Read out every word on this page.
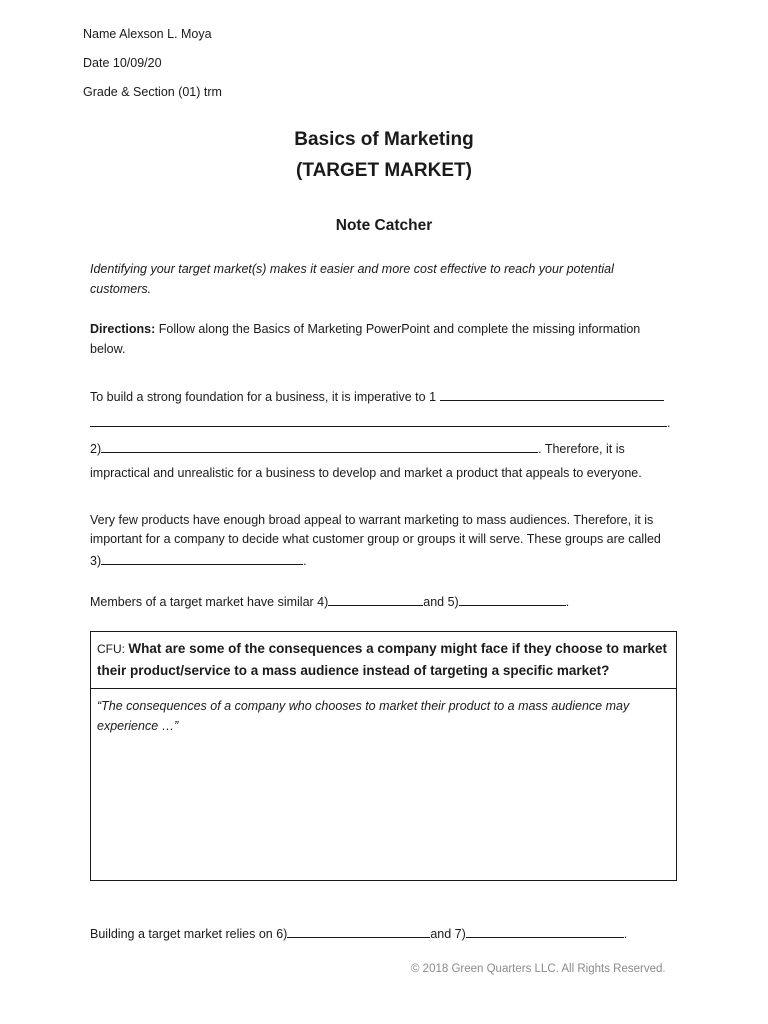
Name Alexson L. Moya
Date 10/09/20
Grade & Section (01) trm
Basics of Marketing
(TARGET MARKET)
Note Catcher
Identifying your target market(s) makes it easier and more cost effective to reach your potential
customers.
Directions: Follow along the Basics of Marketing PowerPoint and complete the missing information
below.
To build a strong foundation for a business, it is imperative to 1
.
2)	. Therefore, it is
impractical and unrealistic for a business to develop and market a product that appeals to everyone.
Very few products have enough broad appeal to warrant marketing to mass audiences. Therefore, it is
important for a company to decide what customer group or groups it will serve. These groups are called
3)	.
Members of a target market have similar 4)	and 5)	.
CFU: What are some of the consequences a company might face if they choose to market their product/service to a mass audience instead of targeting a specific market?
“The consequences of a company who chooses to market their product to a mass audience may experience …”
Building a target market relies on 6)	and 7)	.
© 2018 Green Quarters LLC. All Rights Reserved.
